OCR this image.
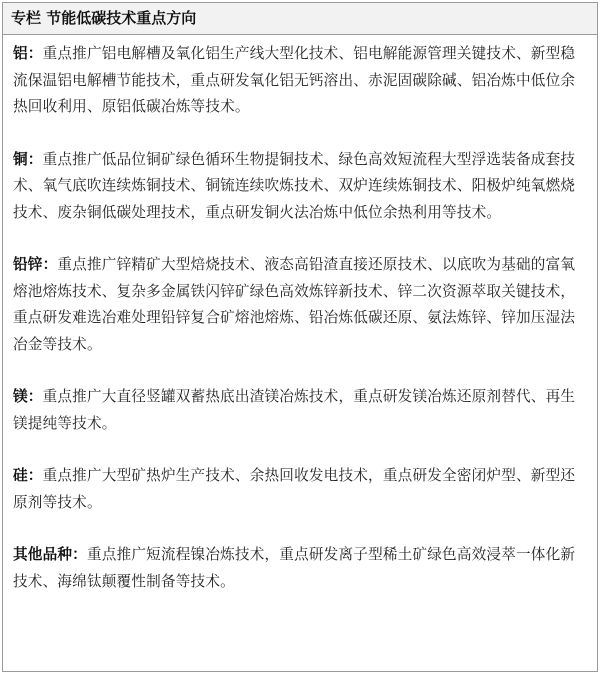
专栏 节能低碳技术重点方向

铝：重点推广铝电解槽及氧化铝生产线大型化技术、铝电解能源管理关键技术、新型稳流保温铝电解槽节能技术，重点研发氧化铝无钙溶出、赤泥固碳除碱、铝冶炼中低位余热回收利用、原铝低碳冶炼等技术。

铜：重点推广低品位铜矿绿色循环生物提铜技术、绿色高效短流程大型浮选装备成套技术、氧气底吹连续炼铜技术、铜锍连续吹炼技术、双炉连续炼铜技术、阳极炉纯氧燃烧技术、废杂铜低碳处理技术，重点研发铜火法冶炼中低位余热利用等技术。

铅锌：重点推广锌精矿大型焙烧技术、液态高铅渣直接还原技术、以底吹为基础的富氧熔池熔炼技术、复杂多金属铁闪锌矿绿色高效炼锌新技术、锌二次资源萃取关键技术，重点研发难选冶难处理铅锌复合矿熔池熔炼、铅冶炼低碳还原、氨法炼锌、锌加压湿法冶金等技术。

镁：重点推广大直径竖罐双蓄热底出渣镁冶炼技术，重点研发镁冶炼还原剂替代、再生镁提纯等技术。

硅：重点推广大型矿热炉生产技术、余热回收发电技术，重点研发全密闭炉型、新型还原剂等技术。

其他品种：重点推广短流程镍冶炼技术，重点研发离子型稀土矿绿色高效浸萃一体化新技术、海绵钛颠覆性制备等技术。
